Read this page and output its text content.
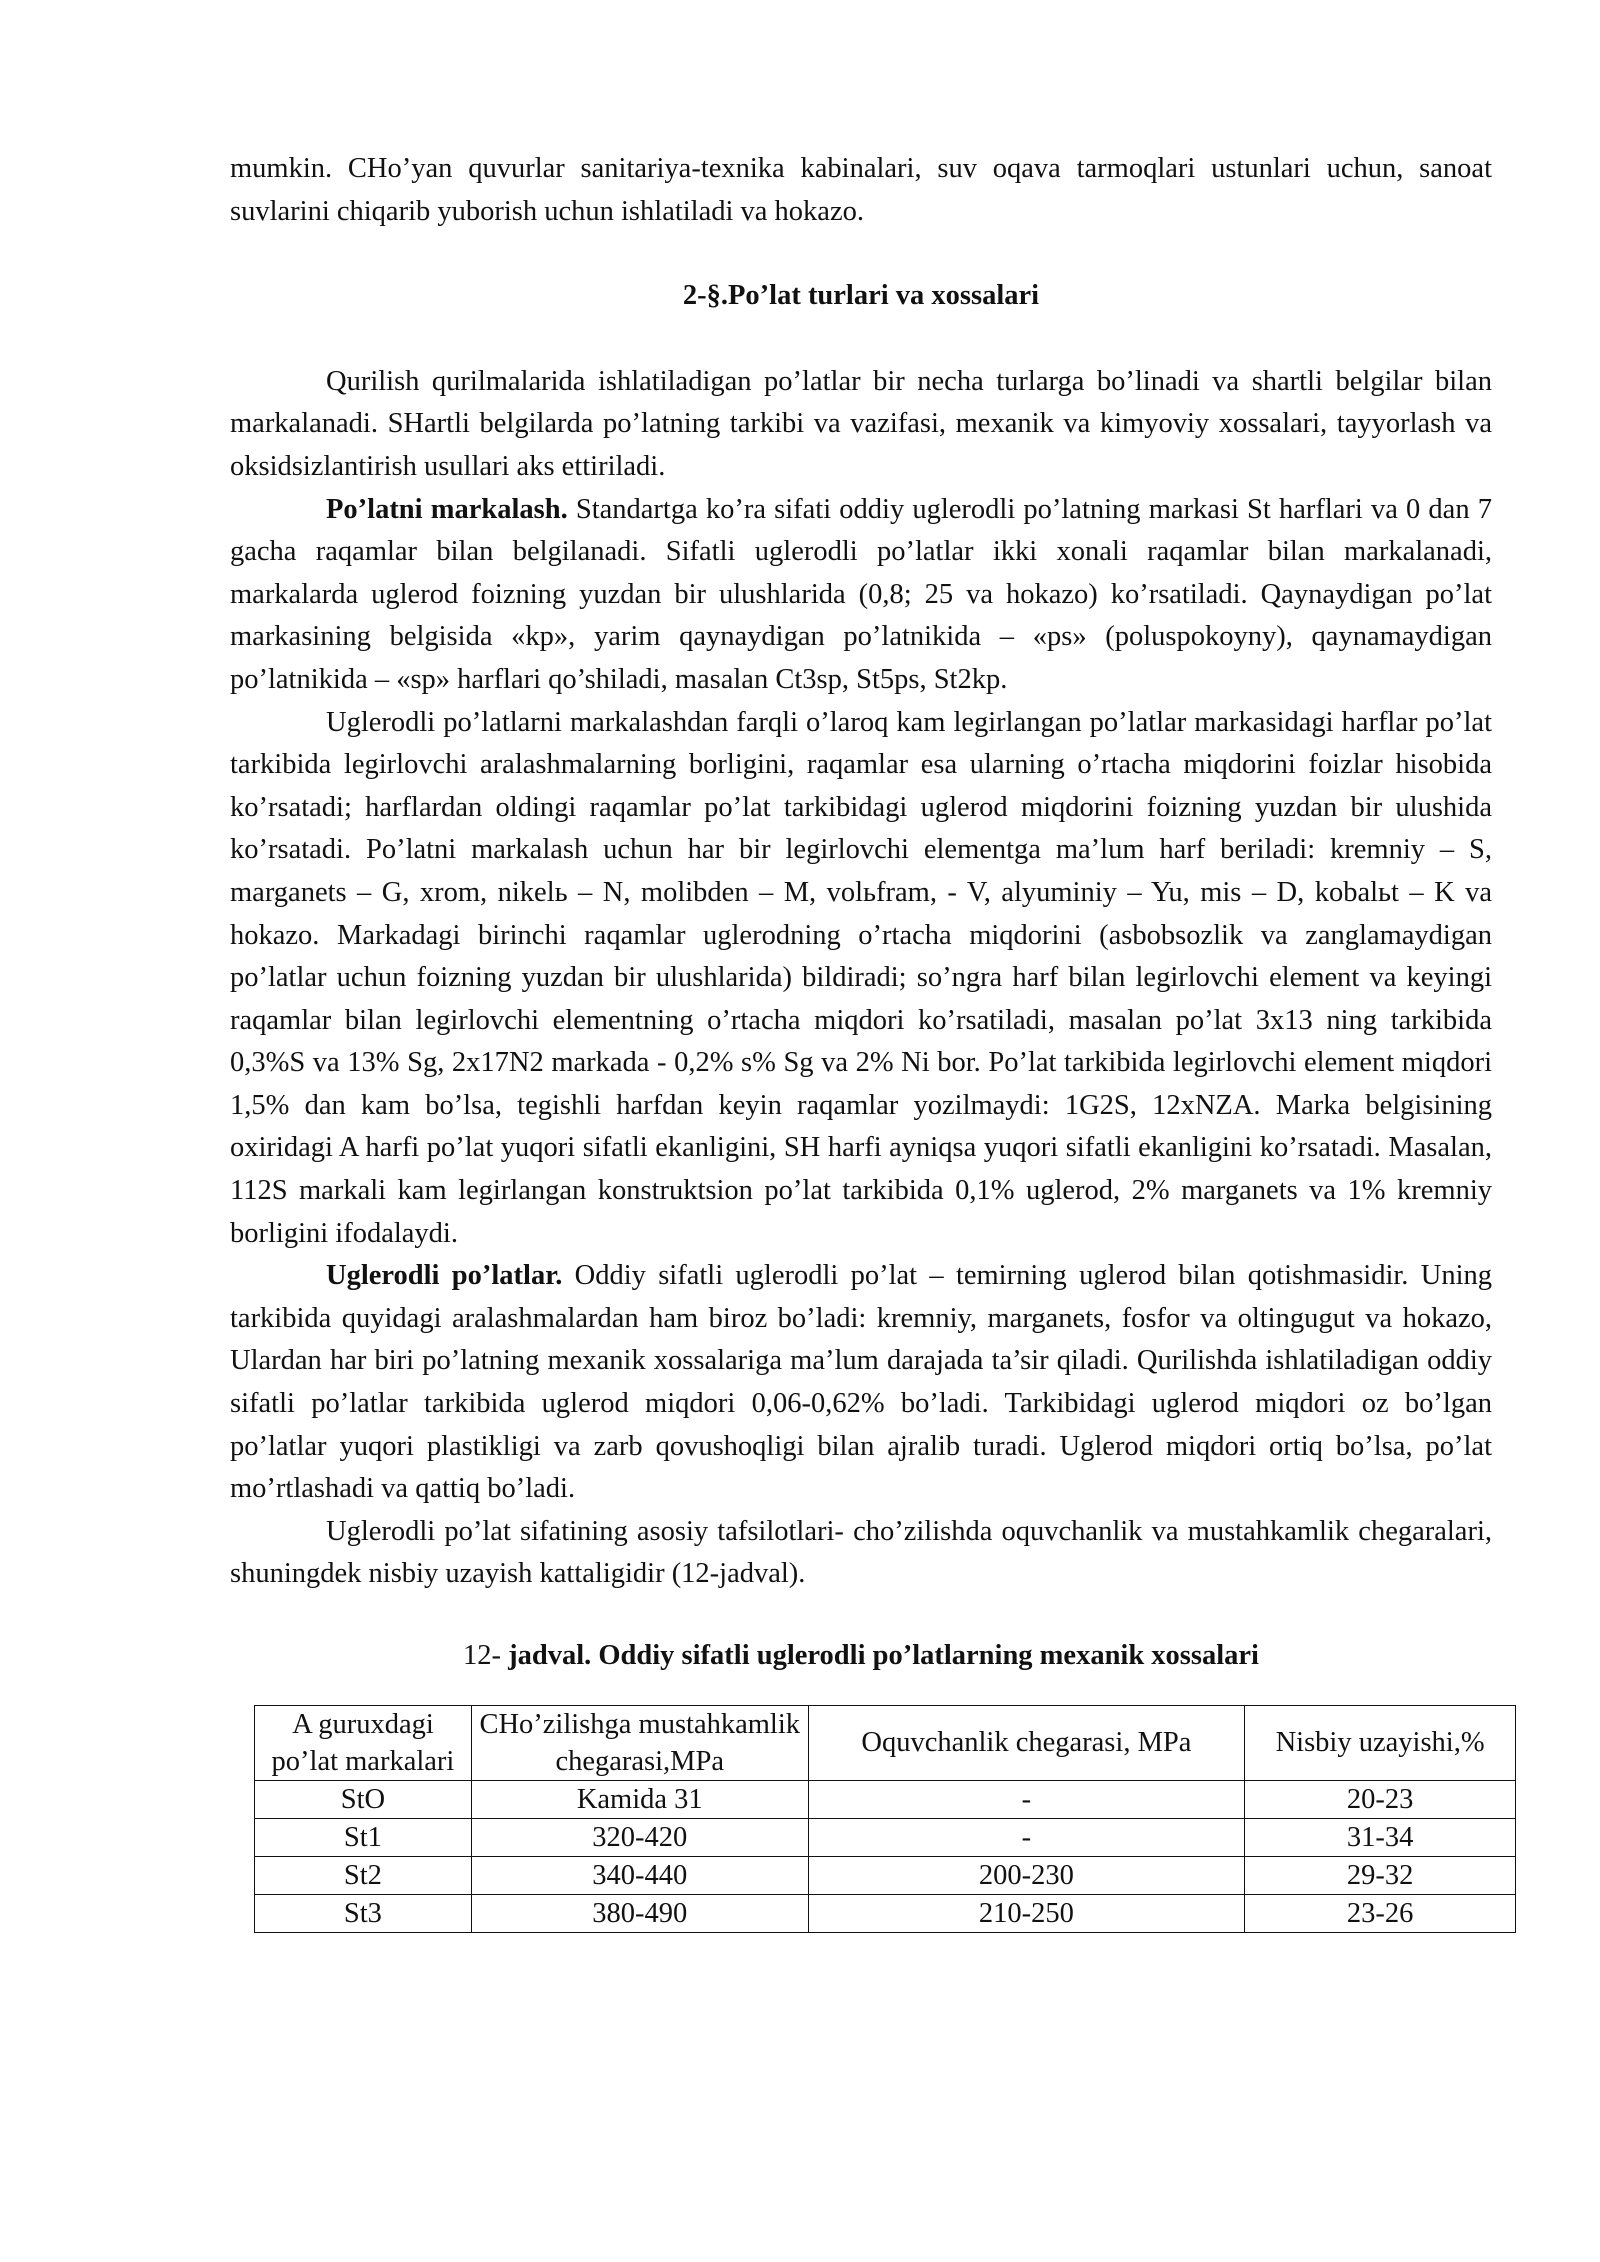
mumkin. CHo’yan quvurlar sanitariya-texnika kabinalari, suv oqava tarmoqlari ustunlari uchun, sanoat suvlarini chiqarib yuborish uchun ishlatiladi va hokazo.

2-§.Po’lat turlari va xossalari

Qurilish qurilmalarida ishlatiladigan po’latlar bir necha turlarga bo’linadi va shartli belgilar bilan markalanadi. SHartli belgilarda po’latning tarkibi va vazifasi, mexanik va kimyoviy xossalari, tayyorlash va oksidsizlantirish usullari aks ettiriladi.

Po’latni markalash. Standartga ko’ra sifati oddiy uglerodli po’latning markasi St harflari va 0 dan 7 gacha raqamlar bilan belgilanadi. Sifatli uglerodli po’latlar ikki xonali raqamlar bilan markalanadi, markalarda uglerod foizning yuzdan bir ulushlarida (0,8; 25 va hokazo) ko’rsatiladi. Qaynaydigan po’lat markasining belgisida «kp», yarim qaynaydigan po’latnikida – «ps» (poluspokoyny), qaynamaydigan po’latnikida – «sp» harflari qo’shiladi, masalan Ct3sp, St5ps, St2kp.

Uglerodli po’latlarni markalashdan farqli o’laroq kam legirlangan po’latlar markasidagi harflar po’lat tarkibida legirlovchi aralashmalarning borligini, raqamlar esa ularning o’rtacha miqdorini foizlar hisobida ko’rsatadi; harflardan oldingi raqamlar po’lat tarkibidagi uglerod miqdorini foizning yuzdan bir ulushida ko’rsatadi. Po’latni markalash uchun har bir legirlovchi elementga ma’lum harf beriladi: kremniy – S, marganets – G, xrom, nikelь – N, molibden – M, volьfram, - V, alyuminiy – Yu, mis – D, kobalьt – K va hokazo. Markadagi birinchi raqamlar uglerodning o’rtacha miqdorini (asbobsozlik va zanglamaydigan po’latlar uchun foizning yuzdan bir ulushlarida) bildiradi; so’ngra harf bilan legirlovchi element va keyingi raqamlar bilan legirlovchi elementning o’rtacha miqdori ko’rsatiladi, masalan po’lat 3x13 ning tarkibida 0,3%S va 13% Sg, 2x17N2 markada - 0,2% s% Sg va 2% Ni bor. Po’lat tarkibida legirlovchi element miqdori 1,5% dan kam bo’lsa, tegishli harfdan keyin raqamlar yozilmaydi: 1G2S, 12xNZA. Marka belgisining oxiridagi A harfi po’lat yuqori sifatli ekanligini, SH harfi ayniqsa yuqori sifatli ekanligini ko’rsatadi. Masalan, 112S markali kam legirlangan konstruktsion po’lat tarkibida 0,1% uglerod, 2% marganets va 1% kremniy borligini ifodalaydi.

Uglerodli po’latlar. Oddiy sifatli uglerodli po’lat – temirning uglerod bilan qotishmasidir. Uning tarkibida quyidagi aralashmalardan ham biroz bo’ladi: kremniy, marganets, fosfor va oltingugut va hokazo, Ulardan har biri po’latning mexanik xossalariga ma’lum darajada ta’sir qiladi. Qurilishda ishlatiladigan oddiy sifatli po’latlar tarkibida uglerod miqdori 0,06-0,62% bo’ladi. Tarkibidagi uglerod miqdori oz bo’lgan po’latlar yuqori plastikligi va zarb qovushoqligi bilan ajralib turadi. Uglerod miqdori ortiq bo’lsa, po’lat mo’rtlashadi va qattiq bo’ladi.

Uglerodli po’lat sifatining asosiy tafsilotlari- cho’zilishda oquvchanlik va mustahkamlik chegaralari, shuningdek nisbiy uzayish kattaligidir (12-jadval).

12- jadval. Oddiy sifatli uglerodli po’latlarning mexanik xossalari

A guruxdagi po’lat markalari	CHo’zilishga mustahkamlik chegarasi,MPa	Oquvchanlik chegarasi, MPa	Nisbiy uzayishi,%
StO	Kamida 31	-	20-23
St1	320-420	-	31-34
St2	340-440	200-230	29-32
St3	380-490	210-250	23-26
